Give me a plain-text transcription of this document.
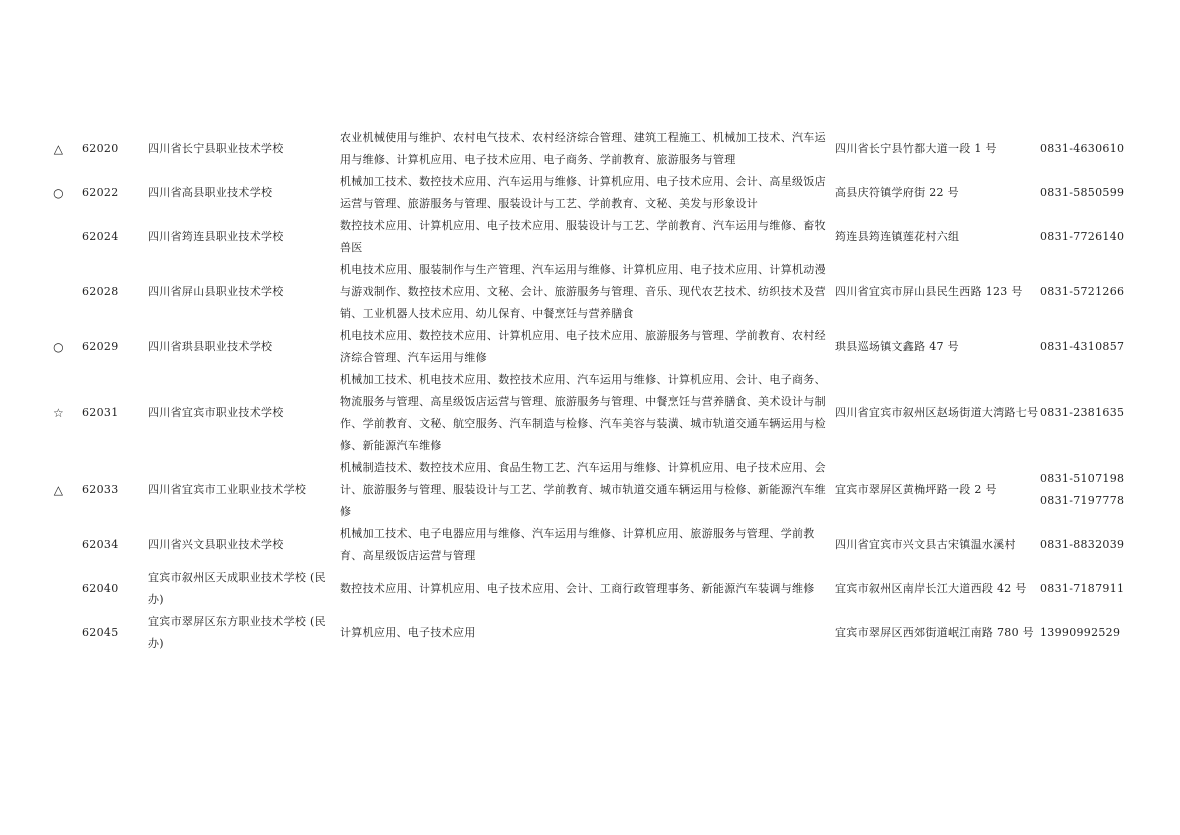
△	62020	四川省长宁县职业技术学校	农业机械使用与维护、农村电气技术、农村经济综合管理、建筑工程施工、机械加工技术、汽车运用与维修、计算机应用、电子技术应用、电子商务、学前教育、旅游服务与管理	四川省长宁县竹都大道一段 1 号	0831-4630610

○	62022	四川省高县职业技术学校	机械加工技术、数控技术应用、汽车运用与维修、计算机应用、电子技术应用、会计、高星级饭店运营与管理、旅游服务与管理、服装设计与工艺、学前教育、文秘、美发与形象设计	高县庆符镇学府街 22 号	0831-5850599

	62024	四川省筠连县职业技术学校	数控技术应用、计算机应用、电子技术应用、服装设计与工艺、学前教育、汽车运用与维修、畜牧兽医	筠连县筠连镇莲花村六组	0831-7726140

	62028	四川省屏山县职业技术学校	机电技术应用、服装制作与生产管理、汽车运用与维修、计算机应用、电子技术应用、计算机动漫与游戏制作、数控技术应用、文秘、会计、旅游服务与管理、音乐、现代农艺技术、纺织技术及营销、工业机器人技术应用、幼儿保育、中餐烹饪与营养膳食	四川省宜宾市屏山县民生西路 123 号	0831-5721266

○	62029	四川省珙县职业技术学校	机电技术应用、数控技术应用、计算机应用、电子技术应用、旅游服务与管理、学前教育、农村经济综合管理、汽车运用与维修	珙县巡场镇文鑫路 47 号	0831-4310857

☆	62031	四川省宜宾市职业技术学校	机械加工技术、机电技术应用、数控技术应用、汽车运用与维修、计算机应用、会计、电子商务、物流服务与管理、高星级饭店运营与管理、旅游服务与管理、中餐烹饪与营养膳食、美术设计与制作、学前教育、文秘、航空服务、汽车制造与检修、汽车美容与装潢、城市轨道交通车辆运用与检修、新能源汽车维修	四川省宜宾市叙州区赵场街道大湾路七号	0831-2381635

△	62033	四川省宜宾市工业职业技术学校	机械制造技术、数控技术应用、食品生物工艺、汽车运用与维修、计算机应用、电子技术应用、会计、旅游服务与管理、服装设计与工艺、学前教育、城市轨道交通车辆运用与检修、新能源汽车维修	宜宾市翠屏区黄桷坪路一段 2 号	0831-5107198
0831-7197778

	62034	四川省兴文县职业技术学校	机械加工技术、电子电器应用与维修、汽车运用与维修、计算机应用、旅游服务与管理、学前教育、高星级饭店运营与管理	四川省宜宾市兴文县古宋镇温水溪村	0831-8832039

	62040	宜宾市叙州区天成职业技术学校 (民办)	数控技术应用、计算机应用、电子技术应用、会计、工商行政管理事务、新能源汽车装调与维修	宜宾市叙州区南岸长江大道西段 42 号	0831-7187911

	62045	宜宾市翠屏区东方职业技术学校 (民办)	计算机应用、电子技术应用	宜宾市翠屏区西郊街道岷江南路 780 号	13990992529
